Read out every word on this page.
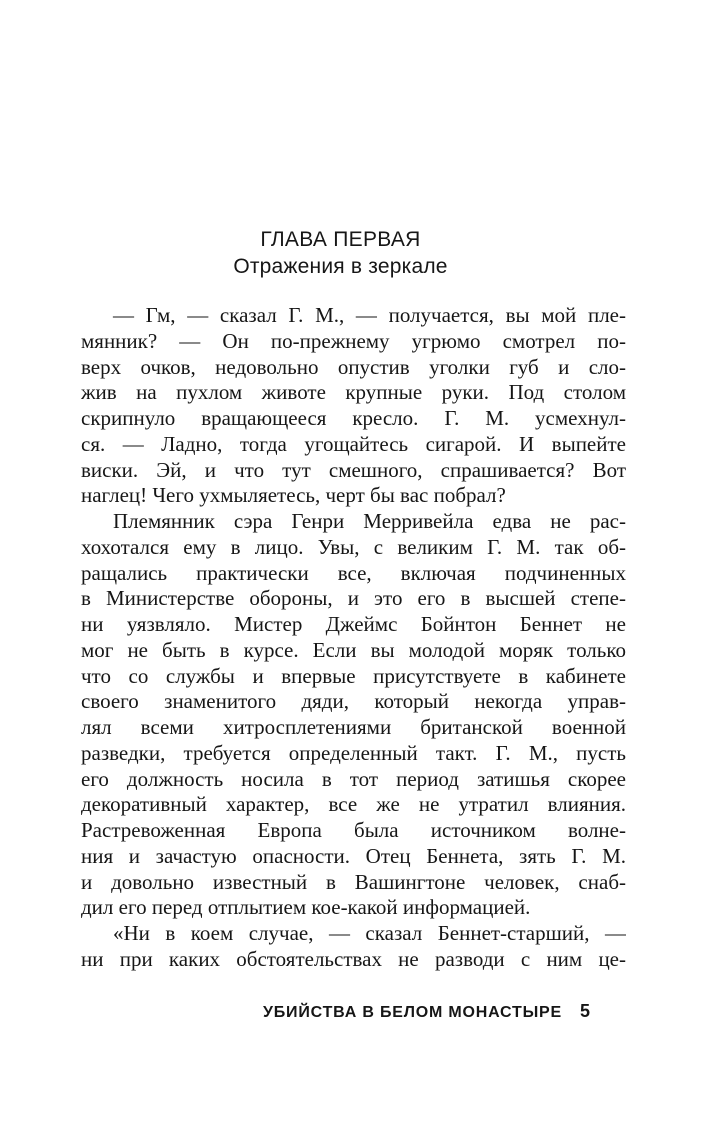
ГЛАВА ПЕРВАЯ
Отражения в зеркале
— Гм, — сказал Г. М., — получается, вы мой пле-
мянник? — Он по-прежнему угрюмо смотрел по-
верх очков, недовольно опустив уголки губ и сло-
жив на пухлом животе крупные руки. Под столом
скрипнуло вращающееся кресло. Г. М. усмехнул-
ся. — Ладно, тогда угощайтесь сигарой. И выпейте
виски. Эй, и что тут смешного, спрашивается? Вот
наглец! Чего ухмыляетесь, черт бы вас побрал?
Племянник сэра Генри Мерривейла едва не рас-
хохотался ему в лицо. Увы, с великим Г. М. так об-
ращались практически все, включая подчиненных
в Министерстве обороны, и это его в высшей степе-
ни уязвляло. Мистер Джеймс Бойнтон Беннет не
мог не быть в курсе. Если вы молодой моряк только
что со службы и впервые присутствуете в кабинете
своего знаменитого дяди, который некогда управ-
лял всеми хитросплетениями британской военной
разведки, требуется определенный такт. Г. М., пусть
его должность носила в тот период затишья скорее
декоративный характер, все же не утратил влияния.
Растревоженная Европа была источником волне-
ния и зачастую опасности. Отец Беннета, зять Г. М.
и довольно известный в Вашингтоне человек, снаб-
дил его перед отплытием кое-какой информацией.
«Ни в коем случае, — сказал Беннет-старший, —
ни при каких обстоятельствах не разводи с ним це-
УБИЙСТВА В БЕЛОМ МОНАСТЫРЕ 5
